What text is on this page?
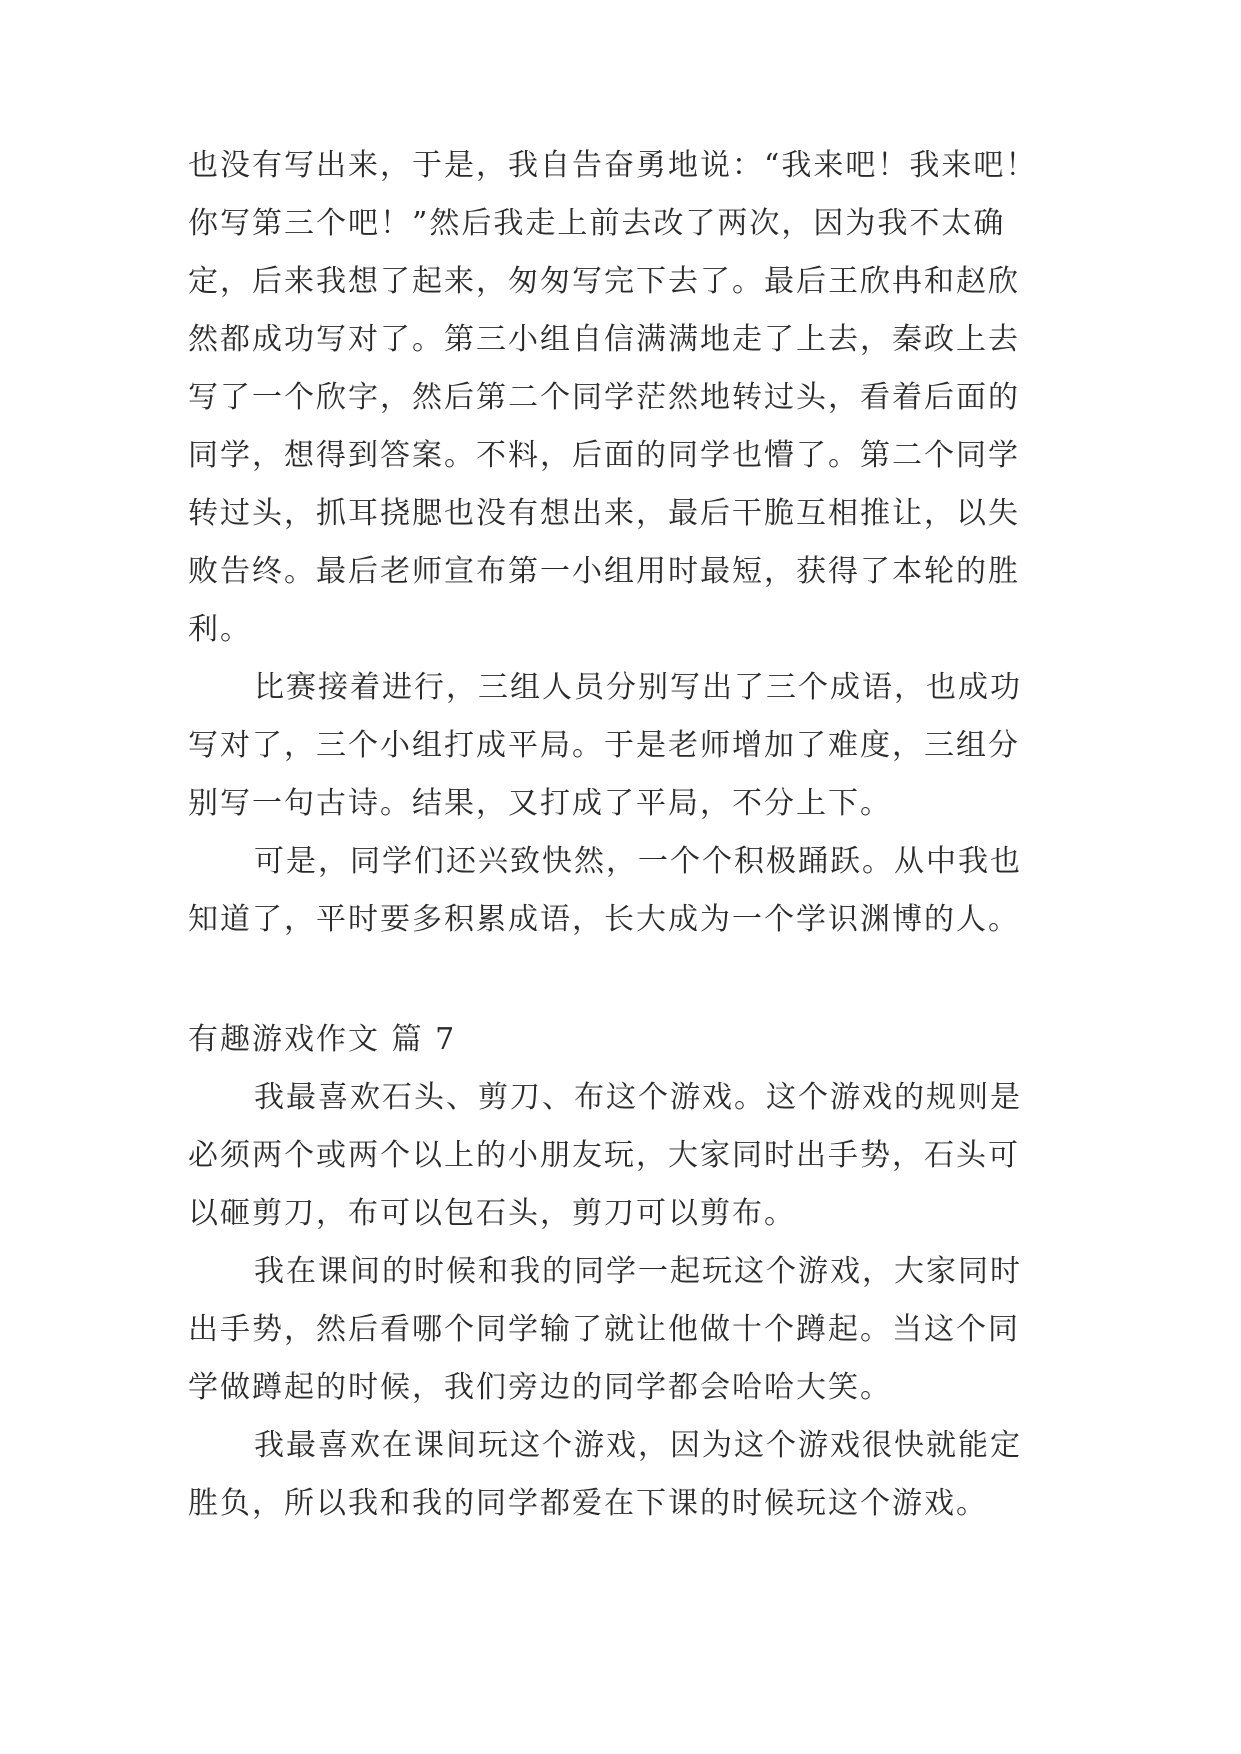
也没有写出来，于是，我自告奋勇地说：“我来吧！我来吧！
你写第三个吧！”然后我走上前去改了两次，因为我不太确
定，后来我想了起来，匆匆写完下去了。最后王欣冉和赵欣
然都成功写对了。第三小组自信满满地走了上去，秦政上去
写了一个欣字，然后第二个同学茫然地转过头，看着后面的
同学，想得到答案。不料，后面的同学也懵了。第二个同学
转过头，抓耳挠腮也没有想出来，最后干脆互相推让，以失
败告终。最后老师宣布第一小组用时最短，获得了本轮的胜
利。
比赛接着进行，三组人员分别写出了三个成语，也成功
写对了，三个小组打成平局。于是老师增加了难度，三组分
别写一句古诗。结果，又打成了平局，不分上下。
可是，同学们还兴致快然，一个个积极踊跃。从中我也
知道了，平时要多积累成语，长大成为一个学识渊博的人。
有趣游戏作文 篇 7
我最喜欢石头、剪刀、布这个游戏。这个游戏的规则是
必须两个或两个以上的小朋友玩，大家同时出手势，石头可
以砸剪刀，布可以包石头，剪刀可以剪布。
我在课间的时候和我的同学一起玩这个游戏，大家同时
出手势，然后看哪个同学输了就让他做十个蹲起。当这个同
学做蹲起的时候，我们旁边的同学都会哈哈大笑。
我最喜欢在课间玩这个游戏，因为这个游戏很快就能定
胜负，所以我和我的同学都爱在下课的时候玩这个游戏。
